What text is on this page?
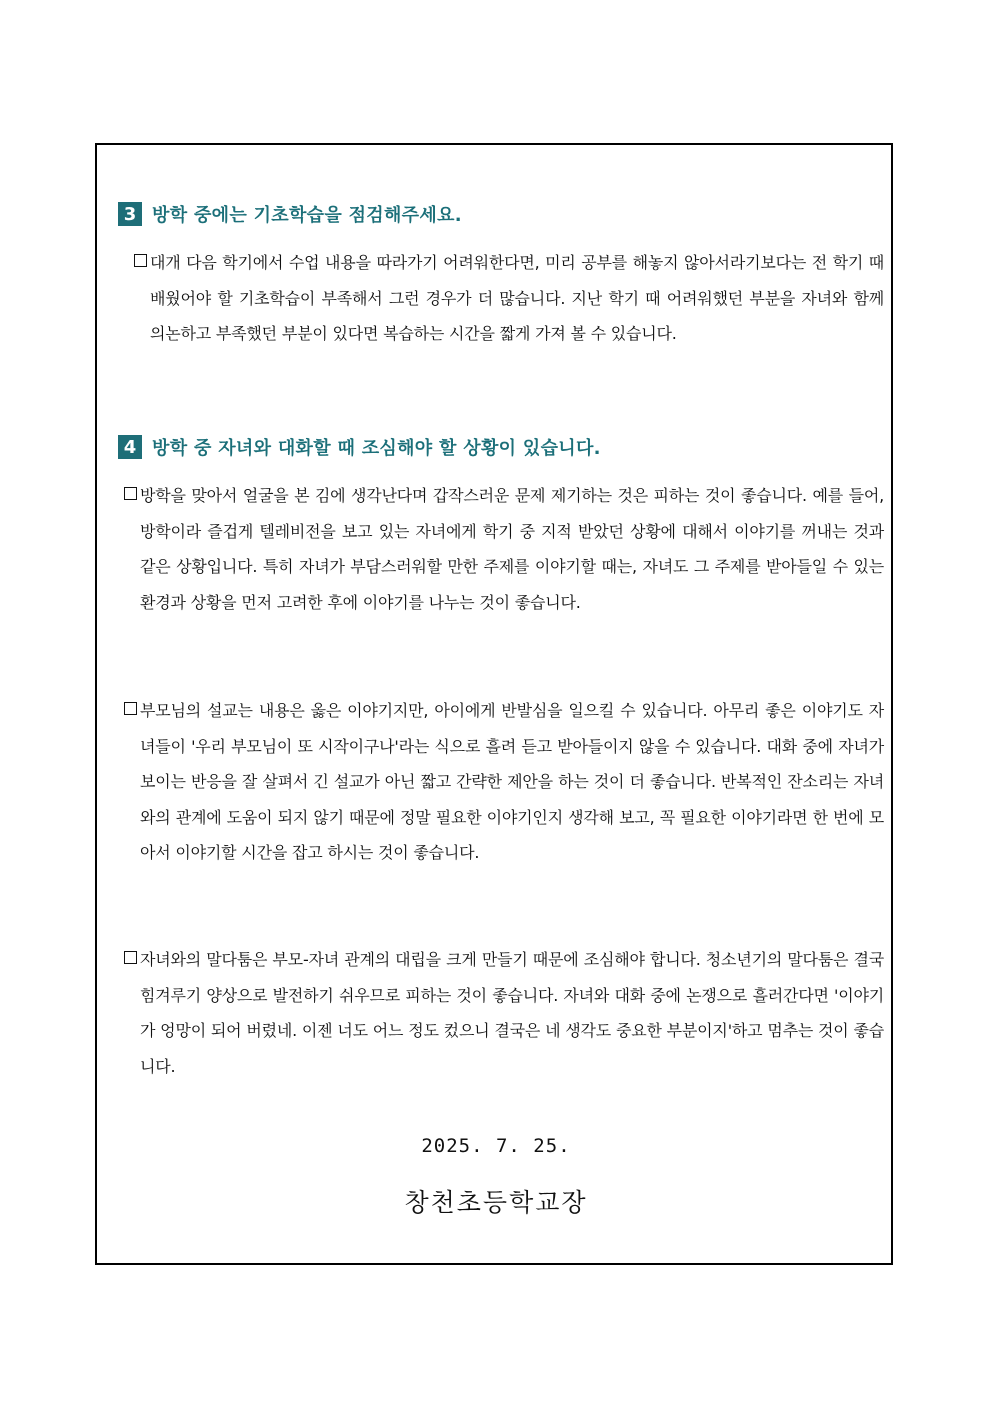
3 방학 중에는 기초학습을 점검해주세요.
대개 다음 학기에서 수업 내용을 따라가기 어려워한다면, 미리 공부를 해놓지 않아서라기보다는 전 학기 때 배웠어야 할 기초학습이 부족해서 그런 경우가 더 많습니다. 지난 학기 때 어려워했던 부분을 자녀와 함께 의논하고 부족했던 부분이 있다면 복습하는 시간을 짧게 가져 볼 수 있습니다.
4 방학 중 자녀와 대화할 때 조심해야 할 상황이 있습니다.
방학을 맞아서 얼굴을 본 김에 생각난다며 갑작스러운 문제 제기하는 것은 피하는 것이 좋습니다. 예를 들어, 방학이라 즐겁게 텔레비전을 보고 있는 자녀에게 학기 중 지적 받았던 상황에 대해서 이야기를 꺼내는 것과 같은 상황입니다. 특히 자녀가 부담스러워할 만한 주제를 이야기할 때는, 자녀도 그 주제를 받아들일 수 있는 환경과 상황을 먼저 고려한 후에 이야기를 나누는 것이 좋습니다.
부모님의 설교는 내용은 옳은 이야기지만, 아이에게 반발심을 일으킬 수 있습니다. 아무리 좋은 이야기도 자녀들이 '우리 부모님이 또 시작이구나'라는 식으로 흘려 듣고 받아들이지 않을 수 있습니다. 대화 중에 자녀가 보이는 반응을 잘 살펴서 긴 설교가 아닌 짧고 간략한 제안을 하는 것이 더 좋습니다. 반복적인 잔소리는 자녀와의 관계에 도움이 되지 않기 때문에 정말 필요한 이야기인지 생각해 보고, 꼭 필요한 이야기라면 한 번에 모아서 이야기할 시간을 잡고 하시는 것이 좋습니다.
자녀와의 말다툼은 부모-자녀 관계의 대립을 크게 만들기 때문에 조심해야 합니다. 청소년기의 말다툼은 결국 힘겨루기 양상으로 발전하기 쉬우므로 피하는 것이 좋습니다. 자녀와 대화 중에 논쟁으로 흘러간다면 '이야기가 엉망이 되어 버렸네. 이젠 너도 어느 정도 컸으니 결국은 네 생각도 중요한 부분이지'하고 멈추는 것이 좋습니다.
2025. 7. 25.
창천초등학교장
